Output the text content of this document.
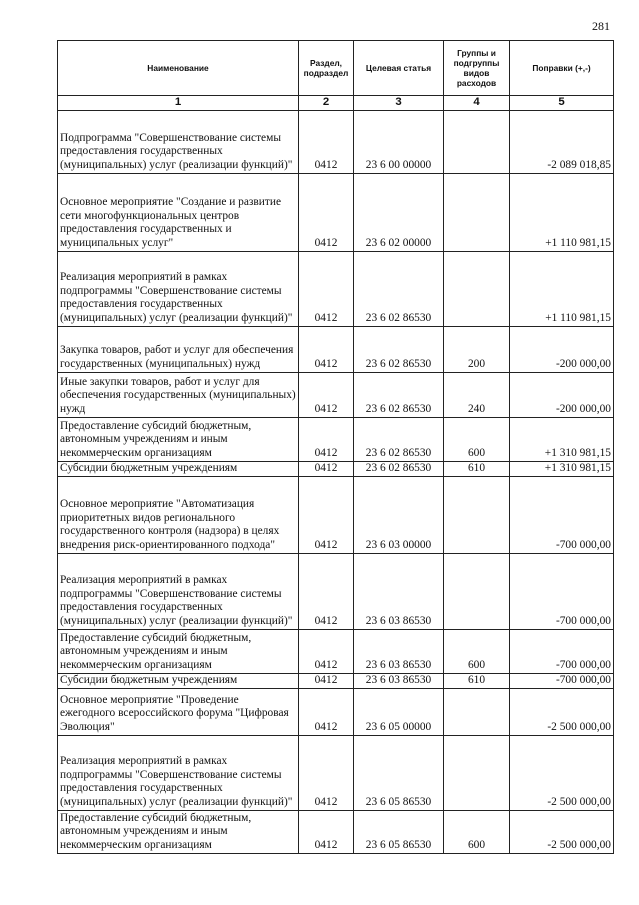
281
Наименование	Раздел, подраздел	Целевая статья	Группы и подгруппы видов расходов	Поправки (+,-)
1	2	3	4	5
Подпрограмма "Совершенствование системы предоставления государственных (муниципальных) услуг (реализации функций)"	0412	23 6 00 00000		-2 089 018,85
Основное мероприятие "Создание и развитие сети многофункциональных центров предоставления государственных и муниципальных услуг"	0412	23 6 02 00000		+1 110 981,15
Реализация мероприятий в рамках подпрограммы "Совершенствование системы предоставления государственных (муниципальных) услуг (реализации функций)"	0412	23 6 02 86530		+1 110 981,15
Закупка товаров, работ и услуг для обеспечения государственных (муниципальных) нужд	0412	23 6 02 86530	200	-200 000,00
Иные закупки товаров, работ и услуг для обеспечения государственных (муниципальных) нужд	0412	23 6 02 86530	240	-200 000,00
Предоставление субсидий бюджетным, автономным учреждениям и иным некоммерческим организациям	0412	23 6 02 86530	600	+1 310 981,15
Субсидии бюджетным учреждениям	0412	23 6 02 86530	610	+1 310 981,15
Основное мероприятие "Автоматизация приоритетных видов регионального государственного контроля (надзора) в целях внедрения риск-ориентированного подхода"	0412	23 6 03 00000		-700 000,00
Реализация мероприятий в рамках подпрограммы "Совершенствование системы предоставления государственных (муниципальных) услуг (реализации функций)"	0412	23 6 03 86530		-700 000,00
Предоставление субсидий бюджетным, автономным учреждениям и иным некоммерческим организациям	0412	23 6 03 86530	600	-700 000,00
Субсидии бюджетным учреждениям	0412	23 6 03 86530	610	-700 000,00
Основное мероприятие "Проведение ежегодного всероссийского форума "Цифровая Эволюция"	0412	23 6 05 00000		-2 500 000,00
Реализация мероприятий в рамках подпрограммы "Совершенствование системы предоставления государственных (муниципальных) услуг (реализации функций)"	0412	23 6 05 86530		-2 500 000,00
Предоставление субсидий бюджетным, автономным учреждениям и иным некоммерческим организациям	0412	23 6 05 86530	600	-2 500 000,00
